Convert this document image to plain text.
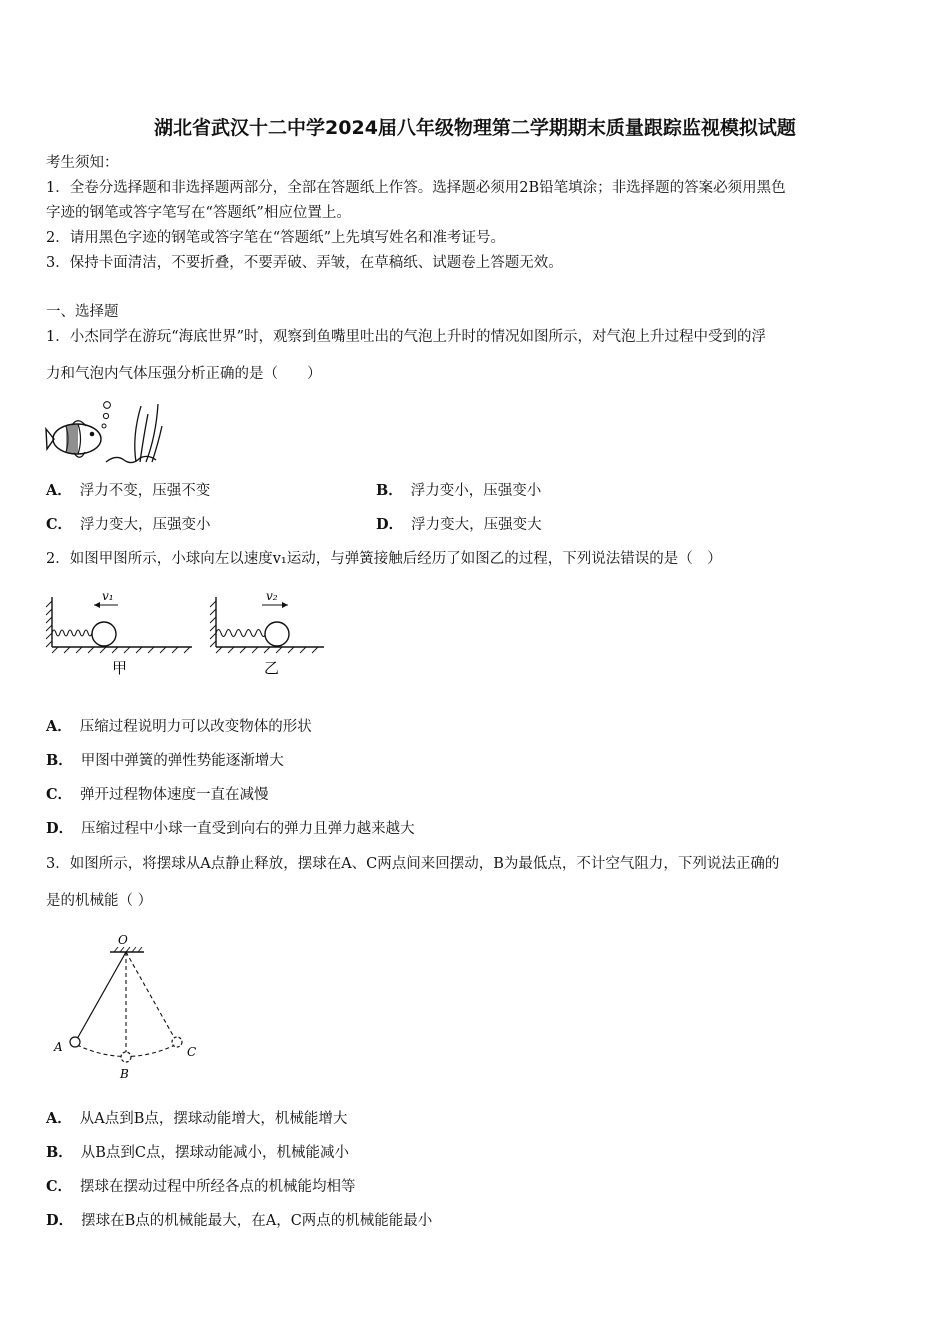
湖北省武汉十二中学2024届八年级物理第二学期期末质量跟踪监视模拟试题
考生须知：
1．全卷分选择题和非选择题两部分，全部在答题纸上作答。选择题必须用2B铅笔填涂；非选择题的答案必须用黑色
字迹的钢笔或答字笔写在“答题纸”相应位置上。
2．请用黑色字迹的钢笔或答字笔在“答题纸”上先填写姓名和准考证号。
3．保持卡面清洁，不要折叠，不要弄破、弄皱，在草稿纸、试题卷上答题无效。
一、选择题
1．小杰同学在游玩“海底世界”时，观察到鱼嘴里吐出的气泡上升时的情况如图所示，对气泡上升过程中受到的浮
力和气泡内气体压强分析正确的是（　　）
A． 浮力不变，压强不变	B． 浮力变小，压强变小
C． 浮力变大，压强变小	D． 浮力变大，压强变大
2．如图甲图所示，小球向左以速度v₁运动，与弹簧接触后经历了如图乙的过程，下列说法错误的是（　）
v₁
甲
v₂
乙
A． 压缩过程说明力可以改变物体的形状
B． 甲图中弹簧的弹性势能逐渐增大
C． 弹开过程物体速度一直在减慢
D． 压缩过程中小球一直受到向右的弹力且弹力越来越大
3．如图所示，将摆球从A点静止释放，摆球在A、C两点间来回摆动，B为最低点，不计空气阻力，下列说法正确的
是的机械能（ ）
O
A
B
C
A． 从A点到B点，摆球动能增大，机械能增大
B． 从B点到C点，摆球动能减小，机械能减小
C． 摆球在摆动过程中所经各点的机械能均相等
D． 摆球在B点的机械能最大，在A，C两点的机械能能最小
